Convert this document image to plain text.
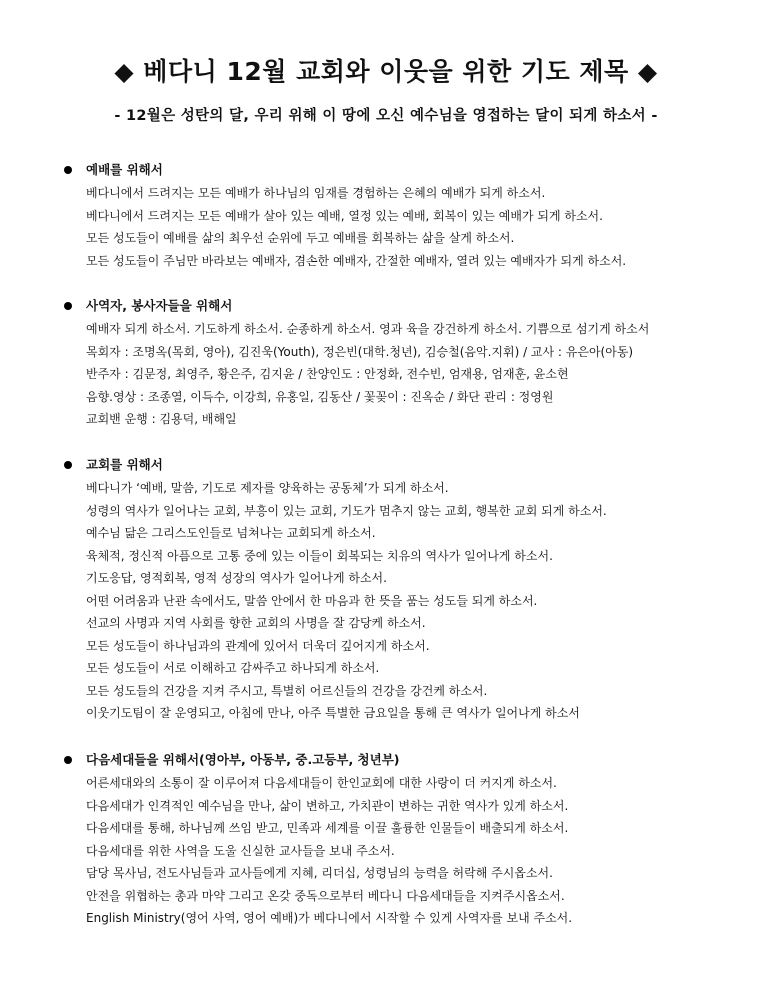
◆ 베다니 12월 교회와 이웃을 위한 기도 제목 ◆
- 12월은 성탄의 달, 우리 위해 이 땅에 오신 예수님을 영접하는 달이 되게 하소서 -
예배를 위해서
베다니에서 드려지는 모든 예배가 하나님의 임재를 경험하는 은혜의 예배가 되게 하소서.
베다니에서 드려지는 모든 예배가 살아 있는 예배, 열정 있는 예배, 회복이 있는 예배가 되게 하소서.
모든 성도들이 예배를 삶의 최우선 순위에 두고 예배를 회복하는 삶을 살게 하소서.
모든 성도들이 주님만 바라보는 예배자, 겸손한 예배자, 간절한 예배자, 열려 있는 예배자가 되게 하소서.
사역자, 봉사자들을 위해서
예배자 되게 하소서. 기도하게 하소서. 순종하게 하소서. 영과 육을 강건하게 하소서. 기쁨으로 섬기게 하소서
목회자 : 조명옥(목회, 영아), 김진욱(Youth), 정은빈(대학.청년), 김승철(음악.지휘) / 교사 : 유은아(아동)
반주자 : 김문정, 최영주, 황은주, 김지윤 / 찬양인도 : 안정화, 전수빈, 엄재용, 엄재훈, 윤소현
음향.영상 : 조종열, 이득수, 이강희, 유홍일, 김동산 / 꽃꽂이 : 진옥순 / 화단 관리 : 정영원
교회밴 운행 : 김용덕, 배해일
교회를 위해서
베다니가 ‘예배, 말씀, 기도로 제자를 양육하는 공동체’가 되게 하소서.
성령의 역사가 일어나는 교회, 부흥이 있는 교회, 기도가 멈추지 않는 교회, 행복한 교회 되게 하소서.
예수님 닮은 그리스도인들로 넘쳐나는 교회되게 하소서.
육체적, 정신적 아픔으로 고통 중에 있는 이들이 회복되는 치유의 역사가 일어나게 하소서.
기도응답, 영적회복, 영적 성장의 역사가 일어나게 하소서.
어떤 어려움과 난관 속에서도, 말씀 안에서 한 마음과 한 뜻을 품는 성도들 되게 하소서.
선교의 사명과 지역 사회를 향한 교회의 사명을 잘 감당케 하소서.
모든 성도들이 하나님과의 관계에 있어서 더욱더 깊어지게 하소서.
모든 성도들이 서로 이해하고 감싸주고 하나되게 하소서.
모든 성도들의 건강을 지켜 주시고, 특별히 어르신들의 건강을 강건케 하소서.
이웃기도팀이 잘 운영되고, 아침에 만나, 아주 특별한 금요일을 통해 큰 역사가 일어나게 하소서
다음세대들을 위해서(영아부, 아동부, 중.고등부, 청년부)
어른세대와의 소통이 잘 이루어져 다음세대들이 한인교회에 대한 사랑이 더 커지게 하소서.
다음세대가 인격적인 예수님을 만나, 삶이 변하고, 가치관이 변하는 귀한 역사가 있게 하소서.
다음세대를 통해, 하나님께 쓰임 받고, 민족과 세계를 이끌 훌륭한 인물들이 배출되게 하소서.
다음세대를 위한 사역을 도울 신실한 교사들을 보내 주소서.
담당 목사님, 전도사님들과 교사들에게 지혜, 리더십, 성령님의 능력을 허락해 주시옵소서.
안전을 위협하는 총과 마약 그리고 온갖 중독으로부터 베다니 다음세대들을 지켜주시옵소서.
English Ministry(영어 사역, 영어 예배)가 베다니에서 시작할 수 있게 사역자를 보내 주소서.
